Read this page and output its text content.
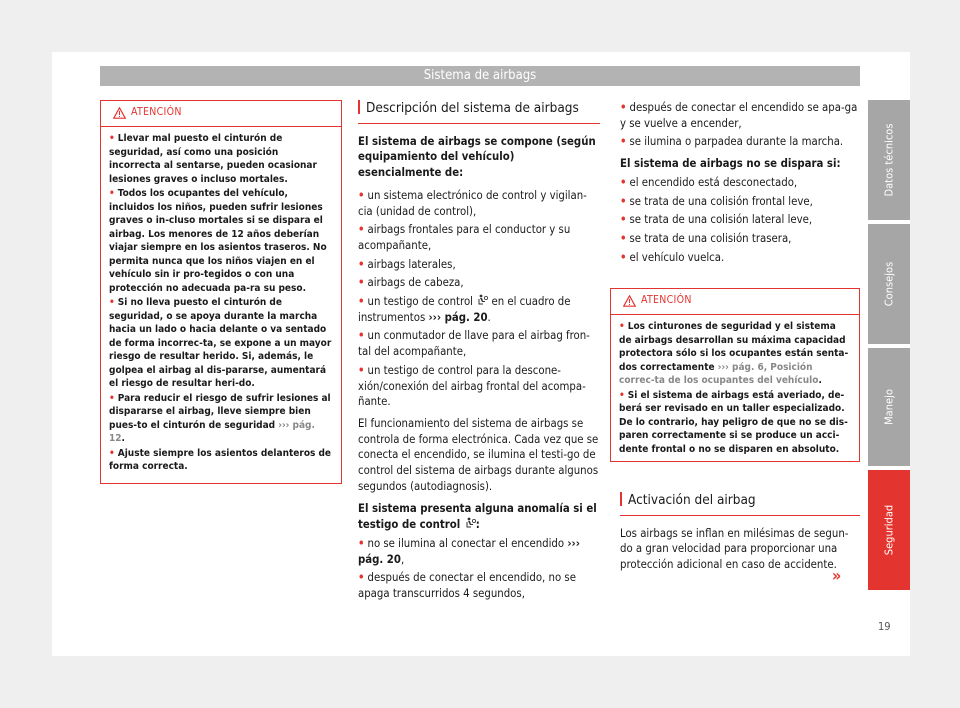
Sistema de airbags
ATENCIÓN
• Llevar mal puesto el cinturón de seguridad, así como una posición incorrecta al sentarse, pueden ocasionar lesiones graves o incluso mortales.
• Todos los ocupantes del vehículo, incluidos los niños, pueden sufrir lesiones graves o in-cluso mortales si se dispara el airbag. Los menores de 12 años deberían viajar siempre en los asientos traseros. No permita nunca que los niños viajen en el vehículo sin ir pro-tegidos o con una protección no adecuada pa-ra su peso.
• Si no lleva puesto el cinturón de seguridad, o se apoya durante la marcha hacia un lado o hacia delante o va sentado de forma incorrec-ta, se expone a un mayor riesgo de resultar herido. Si, además, le golpea el airbag al dis-pararse, aumentará el riesgo de resultar heri-do.
• Para reducir el riesgo de sufrir lesiones al dispararse el airbag, lleve siempre bien pues-to el cinturón de seguridad ››› pág. 12.
• Ajuste siempre los asientos delanteros de forma correcta.
Descripción del sistema de airbags

El sistema de airbags se compone (según equipamiento del vehículo) esencialmente de:

• un sistema electrónico de control y vigilan-cia (unidad de control),
• airbags frontales para el conductor y su acompañante,
• airbags laterales,
• airbags de cabeza,
• un testigo de control en el cuadro de instrumentos ››› pág. 20.
• un conmutador de llave para el airbag fron-tal del acompañante,
• un testigo de control para la descone-xión/conexión del airbag frontal del acompa-ñante.

El funcionamiento del sistema de airbags se controla de forma electrónica. Cada vez que se conecta el encendido, se ilumina el testi-go de control del sistema de airbags durante algunos segundos (autodiagnosis).

El sistema presenta alguna anomalía si el testigo de control :

• no se ilumina al conectar el encendido ››› pág. 20,
• después de conectar el encendido, no se apaga transcurridos 4 segundos,
• después de conectar el encendido se apa-ga y se vuelve a encender,
• se ilumina o parpadea durante la marcha.

El sistema de airbags no se dispara si:

• el encendido está desconectado,
• se trata de una colisión frontal leve,
• se trata de una colisión lateral leve,
• se trata de una colisión trasera,
• el vehículo vuelca.
ATENCIÓN
• Los cinturones de seguridad y el sistema de airbags desarrollan su máxima capacidad protectora sólo si los ocupantes están senta-dos correctamente ››› pág. 6, Posición correc-ta de los ocupantes del vehículo.
• Si el sistema de airbags está averiado, de-berá ser revisado en un taller especializado. De lo contrario, hay peligro de que no se dis-paren correctamente si se produce un acci-dente frontal o no se disparen en absoluto.
Activación del airbag

Los airbags se inflan en milésimas de segun-do a gran velocidad para proporcionar una protección adicional en caso de accidente.

»
Datos técnicos
Consejos
Manejo
Seguridad
19
